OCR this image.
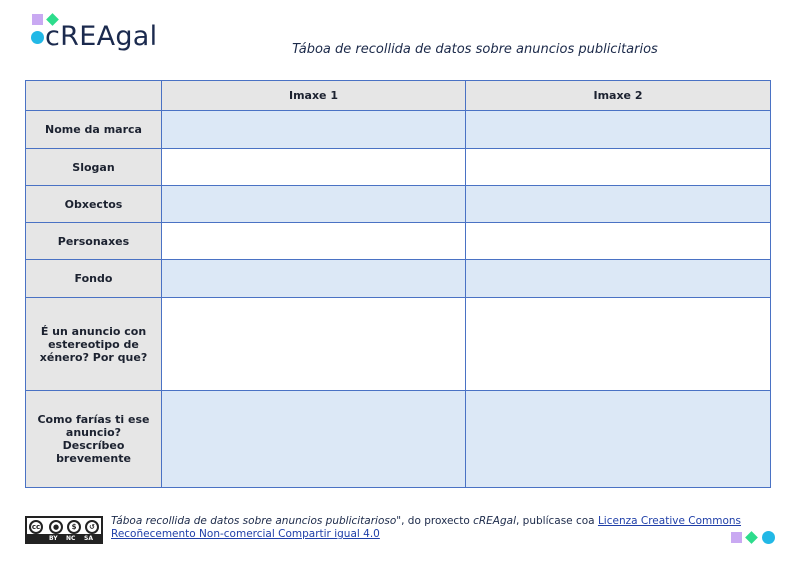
cREAgal	Táboa de recollida de datos sobre anuncios publicitarios
	Imaxe 1	Imaxe 2
Nome da marca		
Slogan		
Obxectos		
Personaxes		
Fondo		
É un anuncio con estereotipo de xénero? Por que?		
Como farías ti ese anuncio? Descríbeo brevemente		
cc	●	$	↺
BY NC SA
Táboa recollida de datos sobre anuncios publicitarioso", do proxecto cREAgal, publícase coa Licenza Creative Commons Recoñecemento Non-comercial Compartir igual 4.0
